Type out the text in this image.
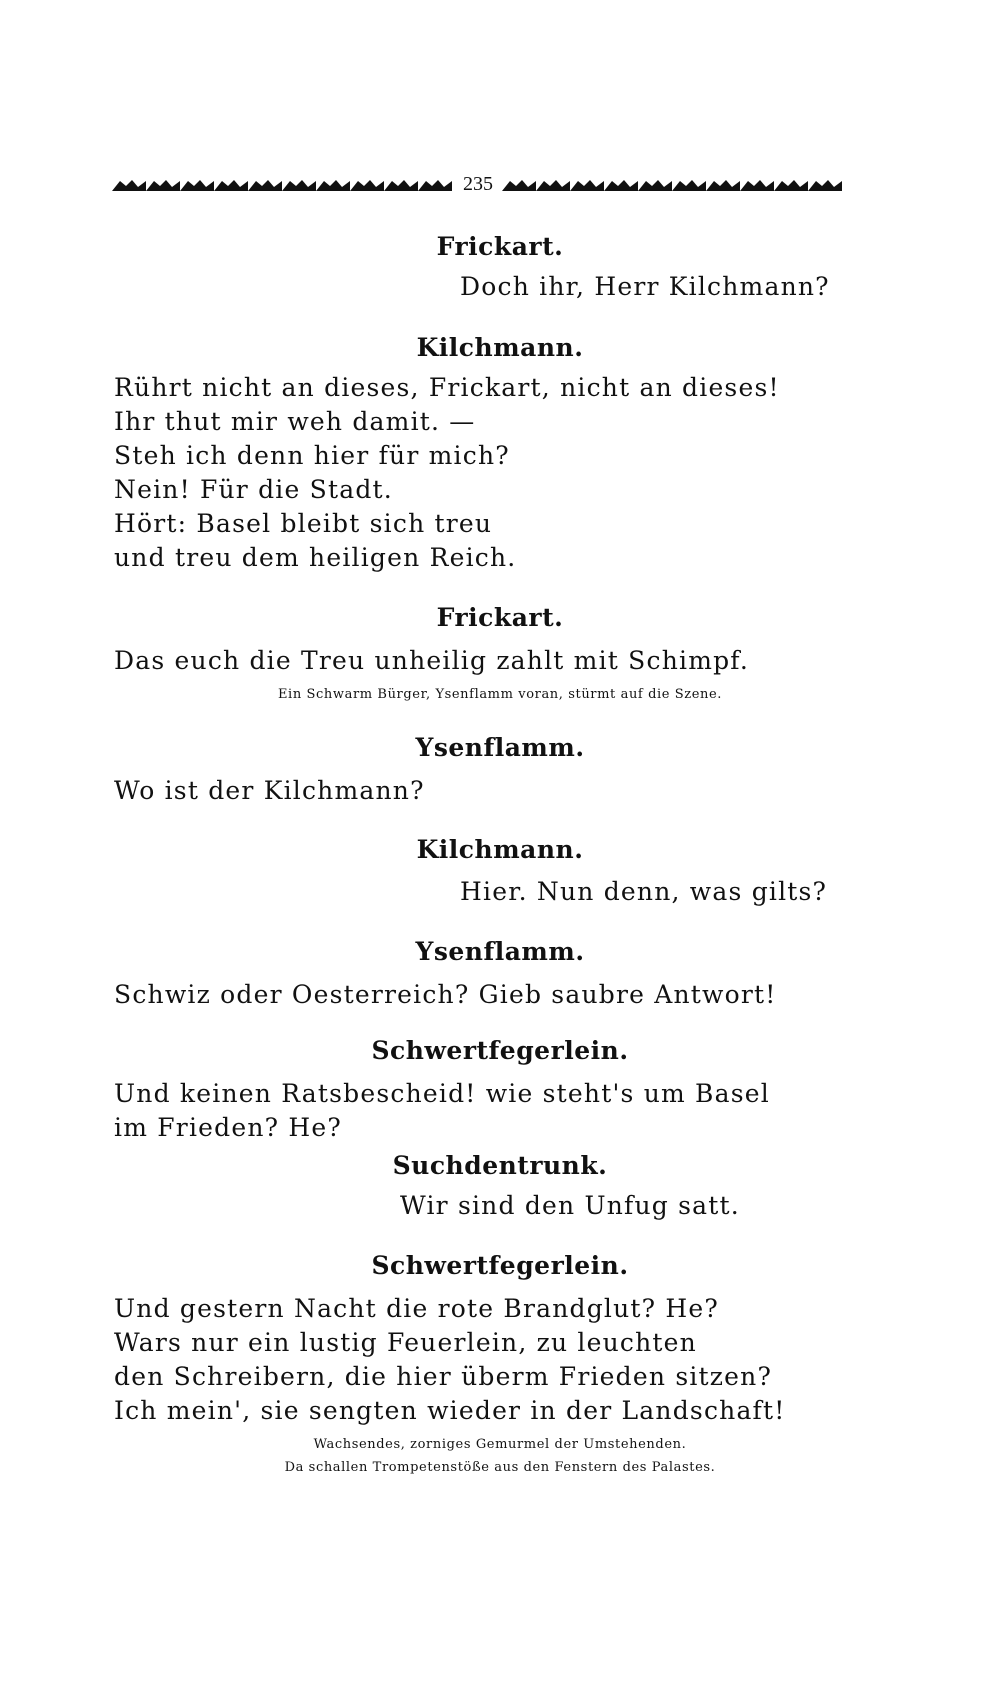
235
Frickart.
Doch ihr, Herr Kilchmann?
Kilchmann.
Rührt nicht an dieses, Frickart, nicht an dieses!
Ihr thut mir weh damit. —
Steh ich denn hier für mich?
Nein! Für die Stadt.
Hört: Basel bleibt sich treu
und treu dem heiligen Reich.
Frickart.
Das euch die Treu unheilig zahlt mit Schimpf.
Ein Schwarm Bürger, Ysenflamm voran, stürmt auf die Szene.
Ysenflamm.
Wo ist der Kilchmann?
Kilchmann.
Hier. Nun denn, was gilts?
Ysenflamm.
Schwiz oder Oesterreich? Gieb saubre Antwort!
Schwertfegerlein.
Und keinen Ratsbescheid! wie steht's um Basel
im Frieden? He?
Suchdentrunk.
Wir sind den Unfug satt.
Schwertfegerlein.
Und gestern Nacht die rote Brandglut? He?
Wars nur ein lustig Feuerlein, zu leuchten
den Schreibern, die hier überm Frieden sitzen?
Ich mein', sie sengten wieder in der Landschaft!
Wachsendes, zorniges Gemurmel der Umstehenden.
Da schallen Trompetenstöße aus den Fenstern des Palastes.
